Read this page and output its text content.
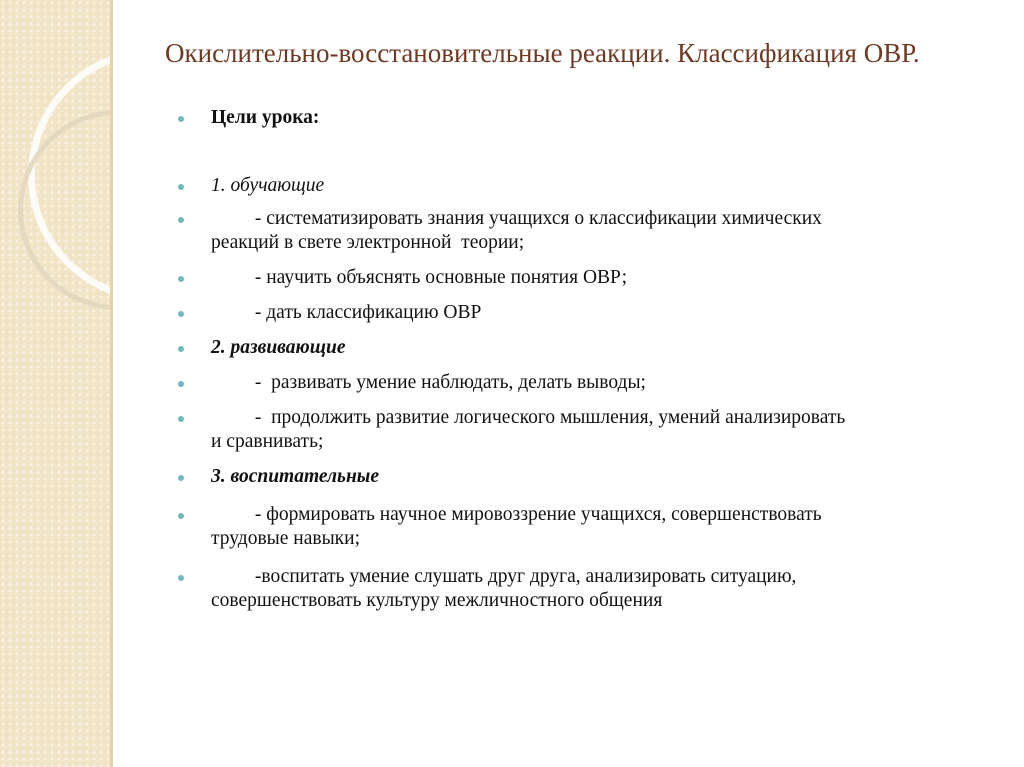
Окислительно-восстановительные реакции. Классификация ОВР.
Цели урока:
1. обучающие
- систематизировать знания учащихся о классификации химических
реакций в свете электронной  теории;
- научить объяснять основные понятия ОВР;
- дать классификацию ОВР
2. развивающие
-  развивать умение наблюдать, делать выводы;
-  продолжить развитие логического мышления, умений анализировать
и сравнивать;
3. воспитательные
- формировать научное мировоззрение учащихся, совершенствовать
трудовые навыки;
-воспитать умение слушать друг друга, анализировать ситуацию,
совершенствовать культуру межличностного общения
